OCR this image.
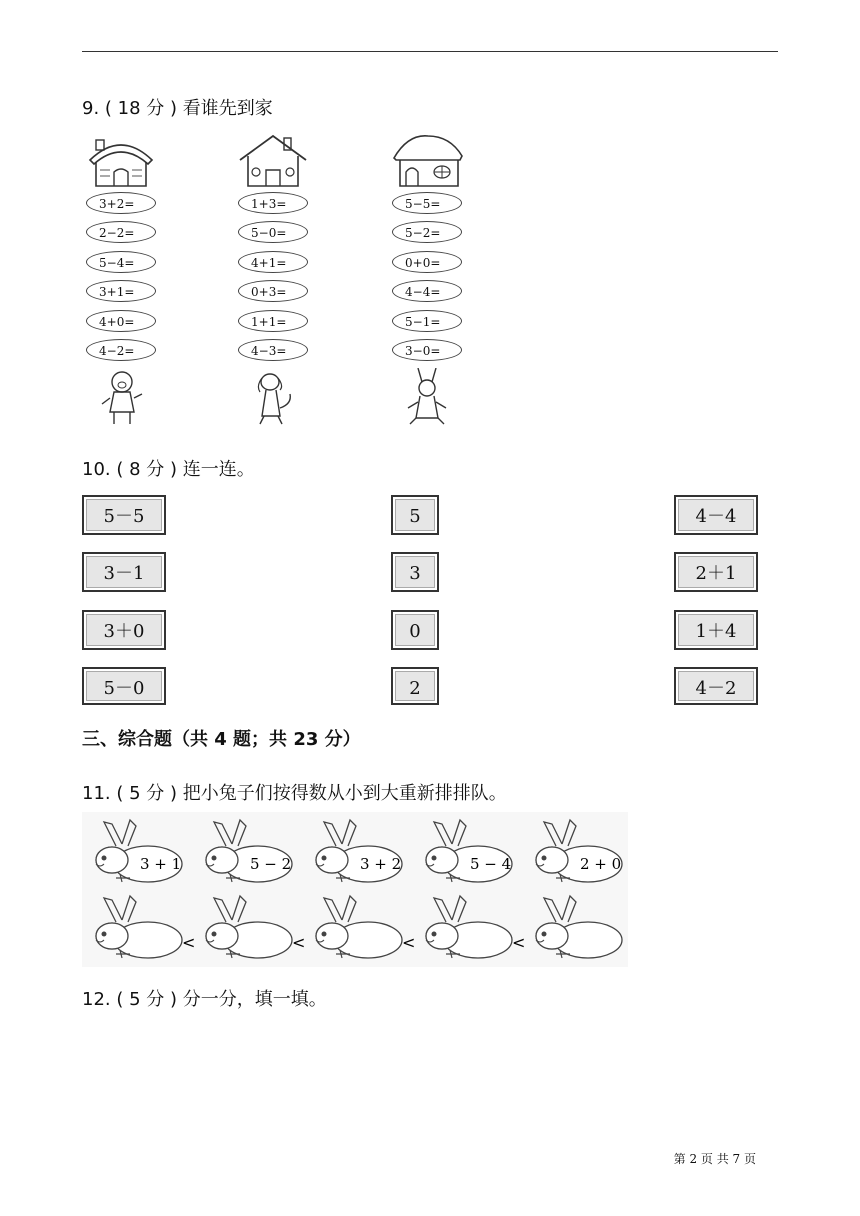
9. ( 18 分 ) 看谁先到家
3+2=
2−2=
5−4=
3+1=
4+0=
4−2=
1+3=
5−0=
4+1=
0+3=
1+1=
4−3=
5−5=
5−2=
0+0=
4−4=
5−1=
3−0=
10. ( 8 分 ) 连一连。
5－5
3－1
3＋0
5－0
5
3
0
2
4－4
2＋1
1＋4
4－2
三、综合题（共 4 题；共 23 分）
11. ( 5 分 ) 把小兔子们按得数从小到大重新排排队。
3 + 1	5 − 2	3 + 2	5 − 4	2 + 0
<	<	<	<
12. ( 5 分 ) 分一分，填一填。
第 2 页 共 7 页
